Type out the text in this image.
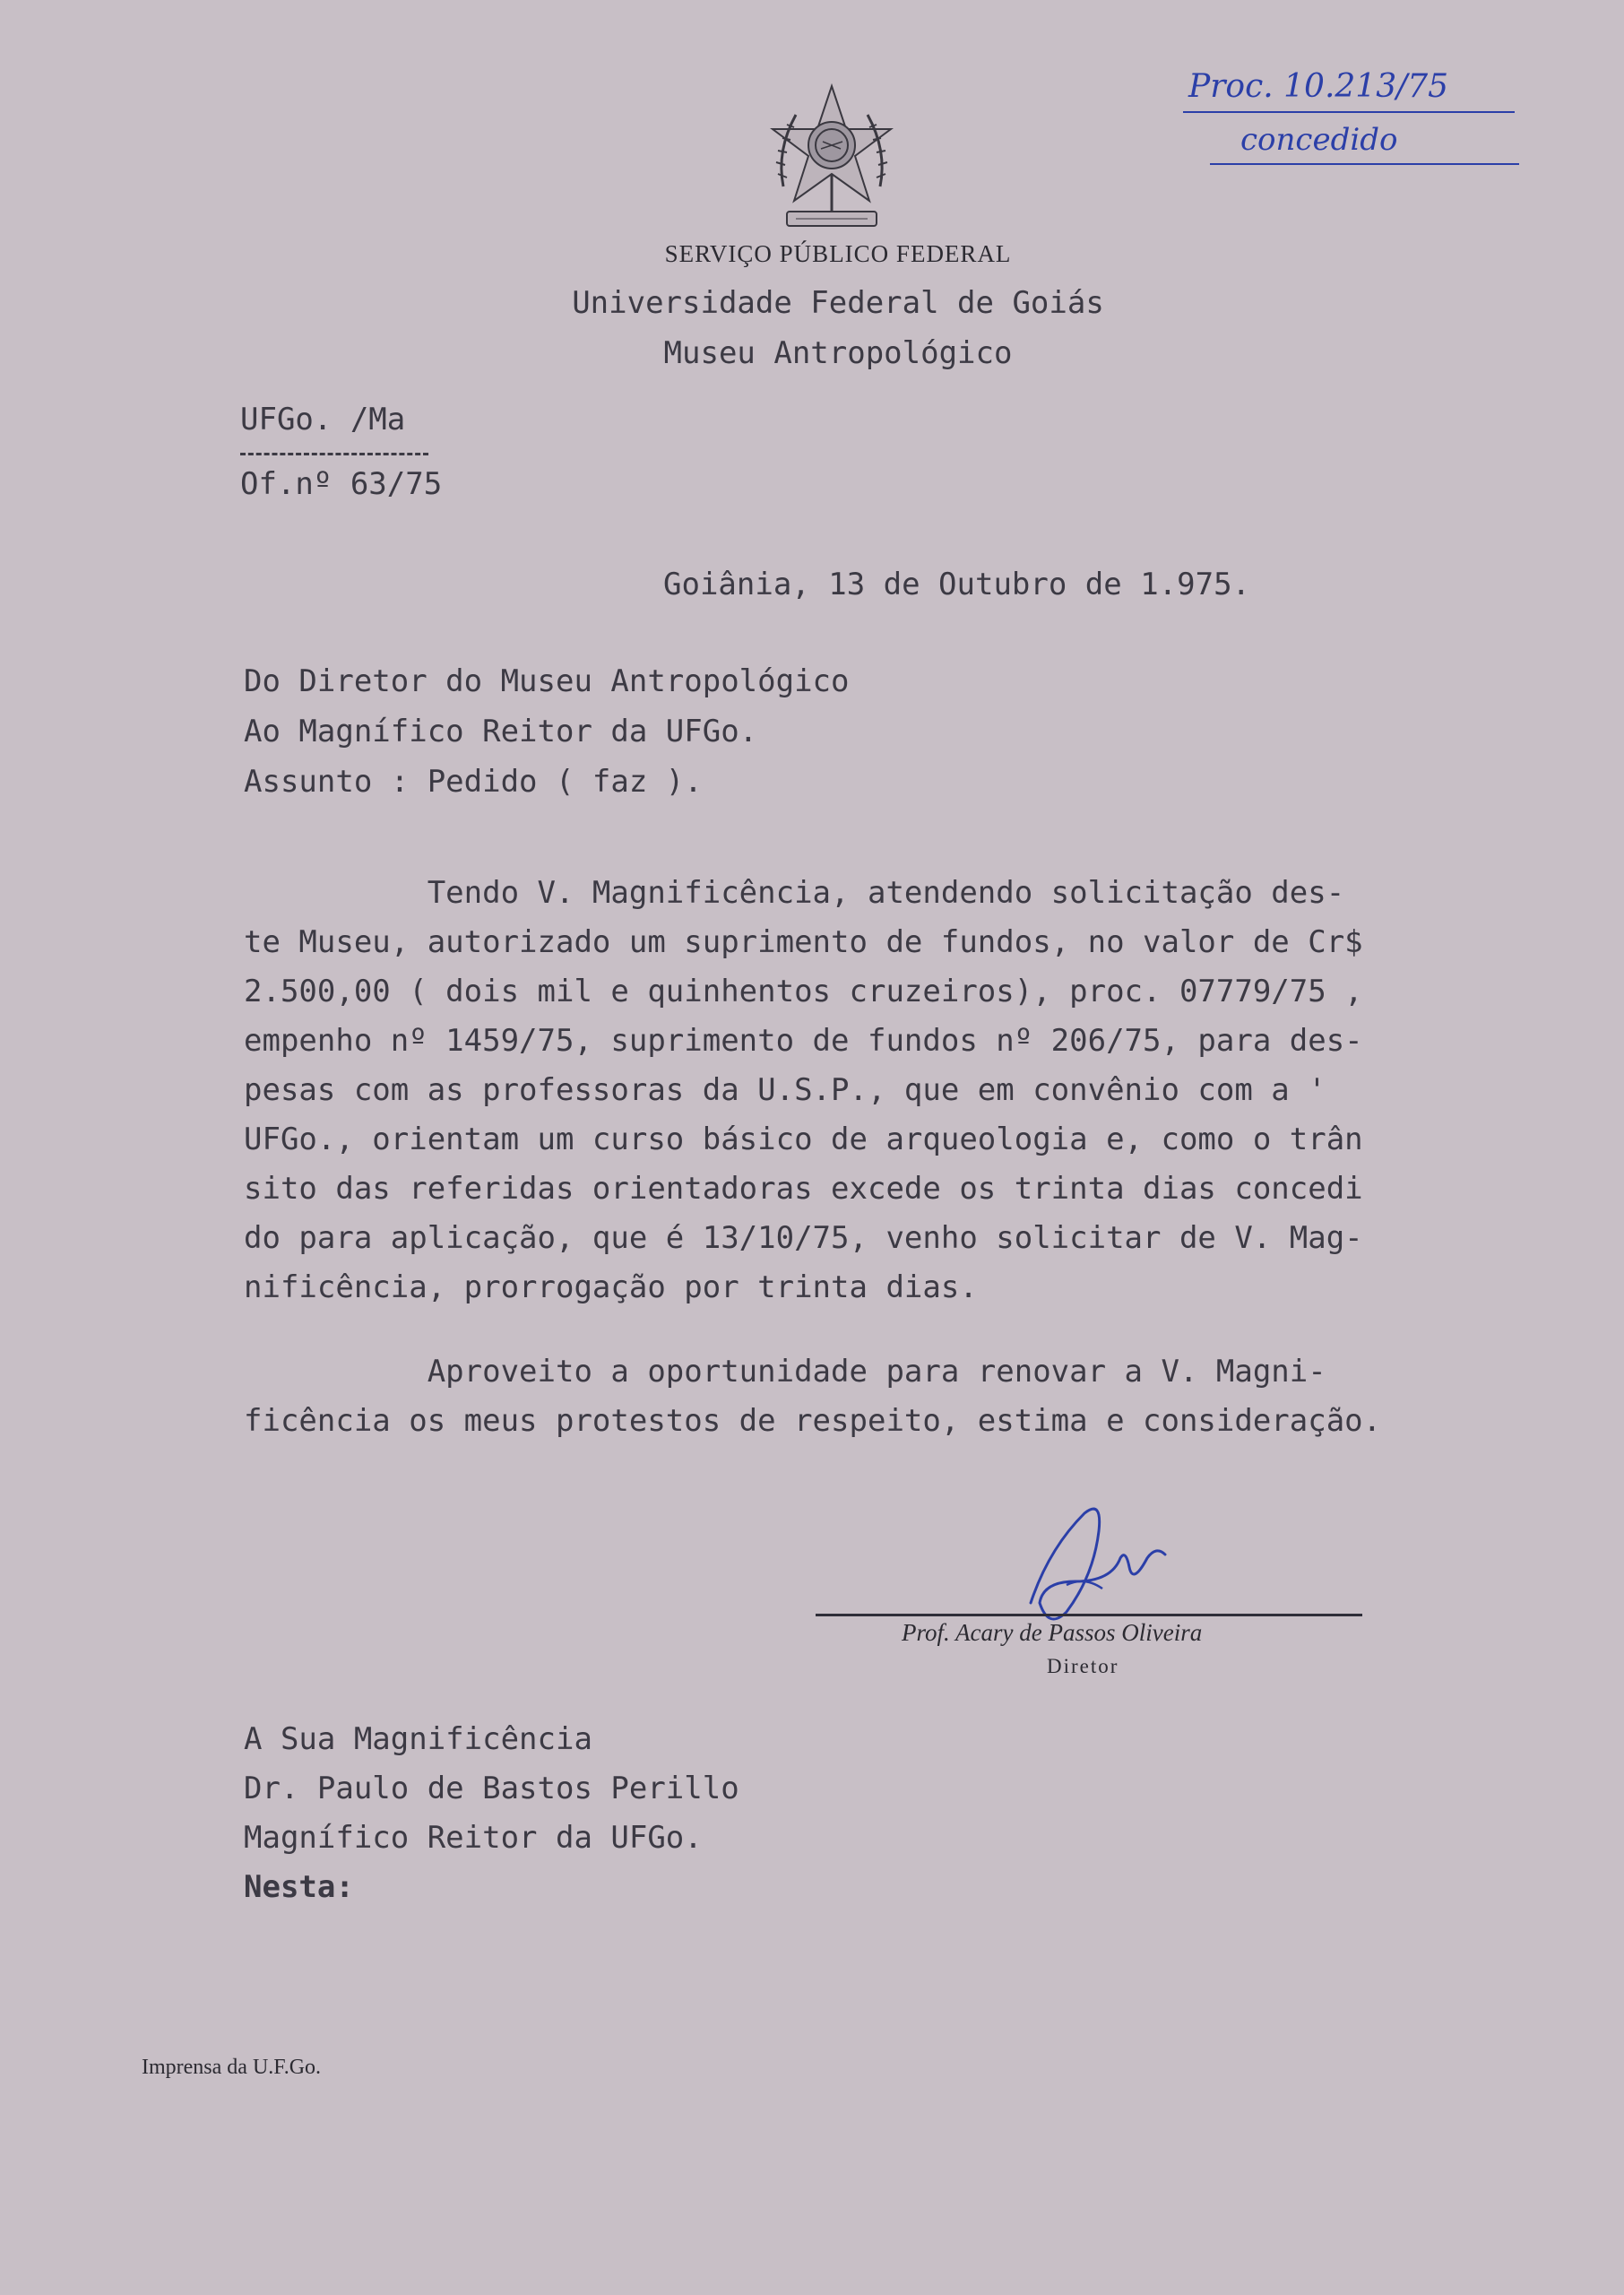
Proc. 10.213/75
concedido
SERVIÇO PÚBLICO FEDERAL
Universidade Federal de Goiás
Museu Antropológico
UFGo. /Ma
Of.nº 63/75
Goiânia, 13 de Outubro de 1.975.
Do Diretor do Museu Antropológico
Ao Magnífico Reitor da UFGo.
Assunto : Pedido ( faz ).
Tendo V. Magnificência, atendendo solicitação des-
te Museu, autorizado um suprimento de fundos, no valor de Cr$
2.500,00 ( dois mil e quinhentos cruzeiros), proc. 07779/75 ,
empenho nº 1459/75, suprimento de fundos nº 206/75, para des-
pesas com as professoras da U.S.P., que em convênio com a '
UFGo., orientam um curso básico de arqueologia e, como o trân
sito das referidas orientadoras excede os trinta dias concedi
do para aplicação, que é 13/10/75, venho solicitar de V. Mag-
nificência, prorrogação por trinta dias.
Aproveito a oportunidade para renovar a V. Magni-
ficência os meus protestos de respeito, estima e consideração.
Prof. Acary de Passos Oliveira
Diretor
A Sua Magnificência
Dr. Paulo de Bastos Perillo
Magnífico Reitor da UFGo.
Nesta:
Imprensa da U.F.Go.
